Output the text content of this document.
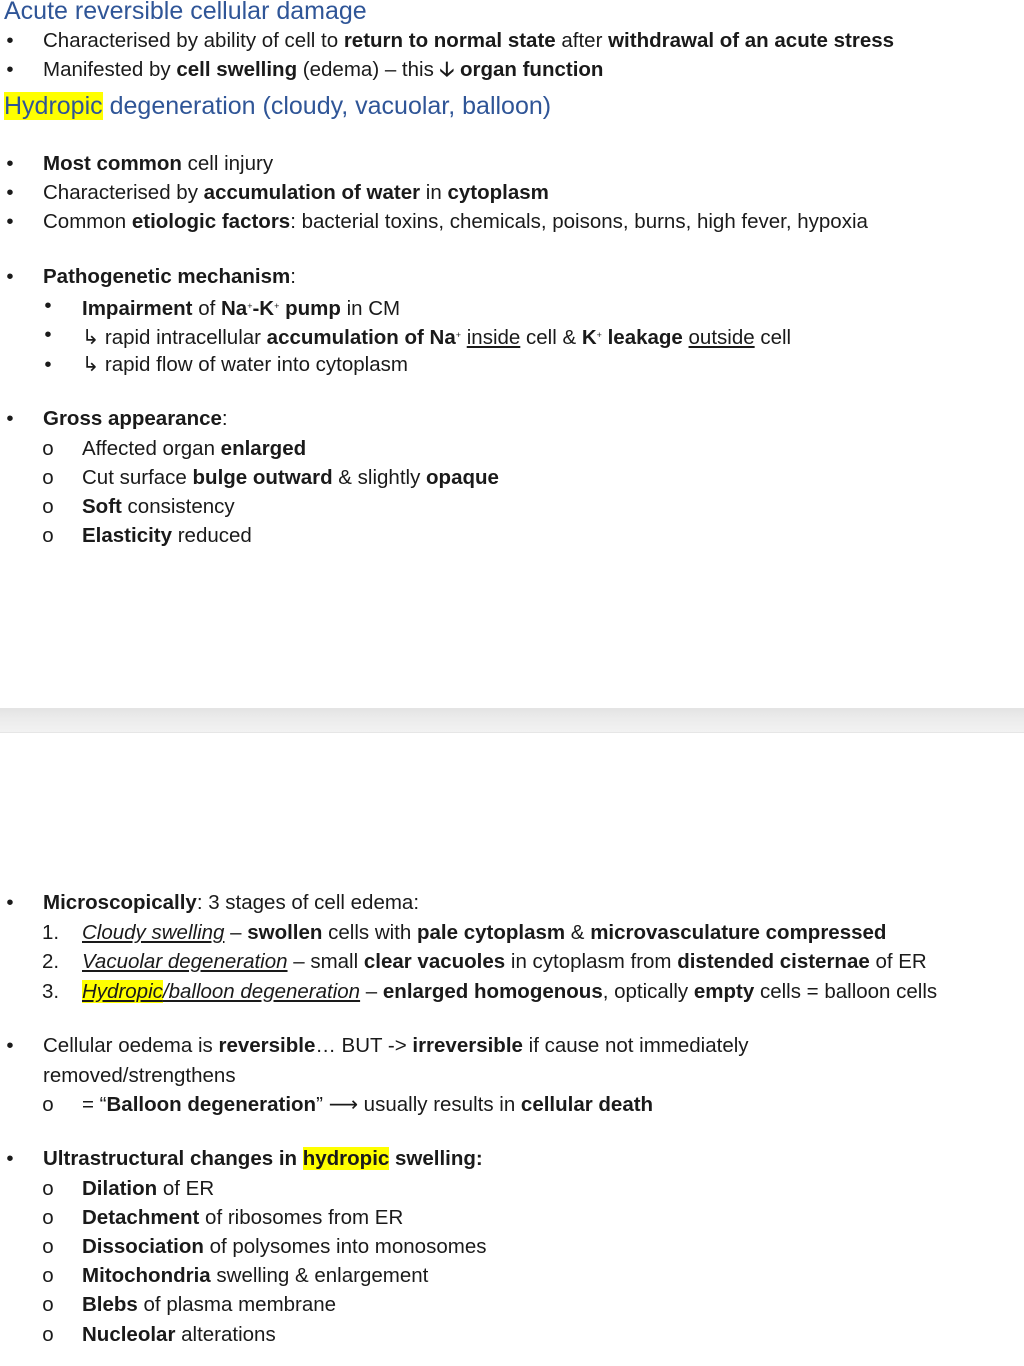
Acute reversible cellular damage
•	Characterised by ability of cell to return to normal state after withdrawal of an acute stress
•	Manifested by cell swelling (edema) – this 🡣 organ function
Hydropic degeneration (cloudy, vacuolar, balloon)
•	Most common cell injury
•	Characterised by accumulation of water in cytoplasm
•	Common etiologic factors: bacterial toxins, chemicals, poisons, burns, high fever, hypoxia
•	Pathogenetic mechanism:
•	Impairment of Na+-K+ pump in CM
•	↳ rapid intracellular accumulation of Na+ inside cell & K+ leakage outside cell
•	↳ rapid flow of water into cytoplasm
•	Gross appearance:
o Affected organ enlarged
o Cut surface bulge outward & slightly opaque
o Soft consistency
o Elasticity reduced
•	Microscopically: 3 stages of cell edema:
1. Cloudy swelling – swollen cells with pale cytoplasm & microvasculature compressed
2. Vacuolar degeneration – small clear vacuoles in cytoplasm from distended cisternae of ER
3. Hydropic/balloon degeneration – enlarged homogenous, optically empty cells = balloon cells
•	Cellular oedema is reversible… BUT -> irreversible if cause not immediately
removed/strengthens
o = “Balloon degeneration” ⟶ usually results in cellular death
•	Ultrastructural changes in hydropic swelling:
o Dilation of ER
o Detachment of ribosomes from ER
o Dissociation of polysomes into monosomes
o Mitochondria swelling & enlargement
o Blebs of plasma membrane
o Nucleolar alterations
